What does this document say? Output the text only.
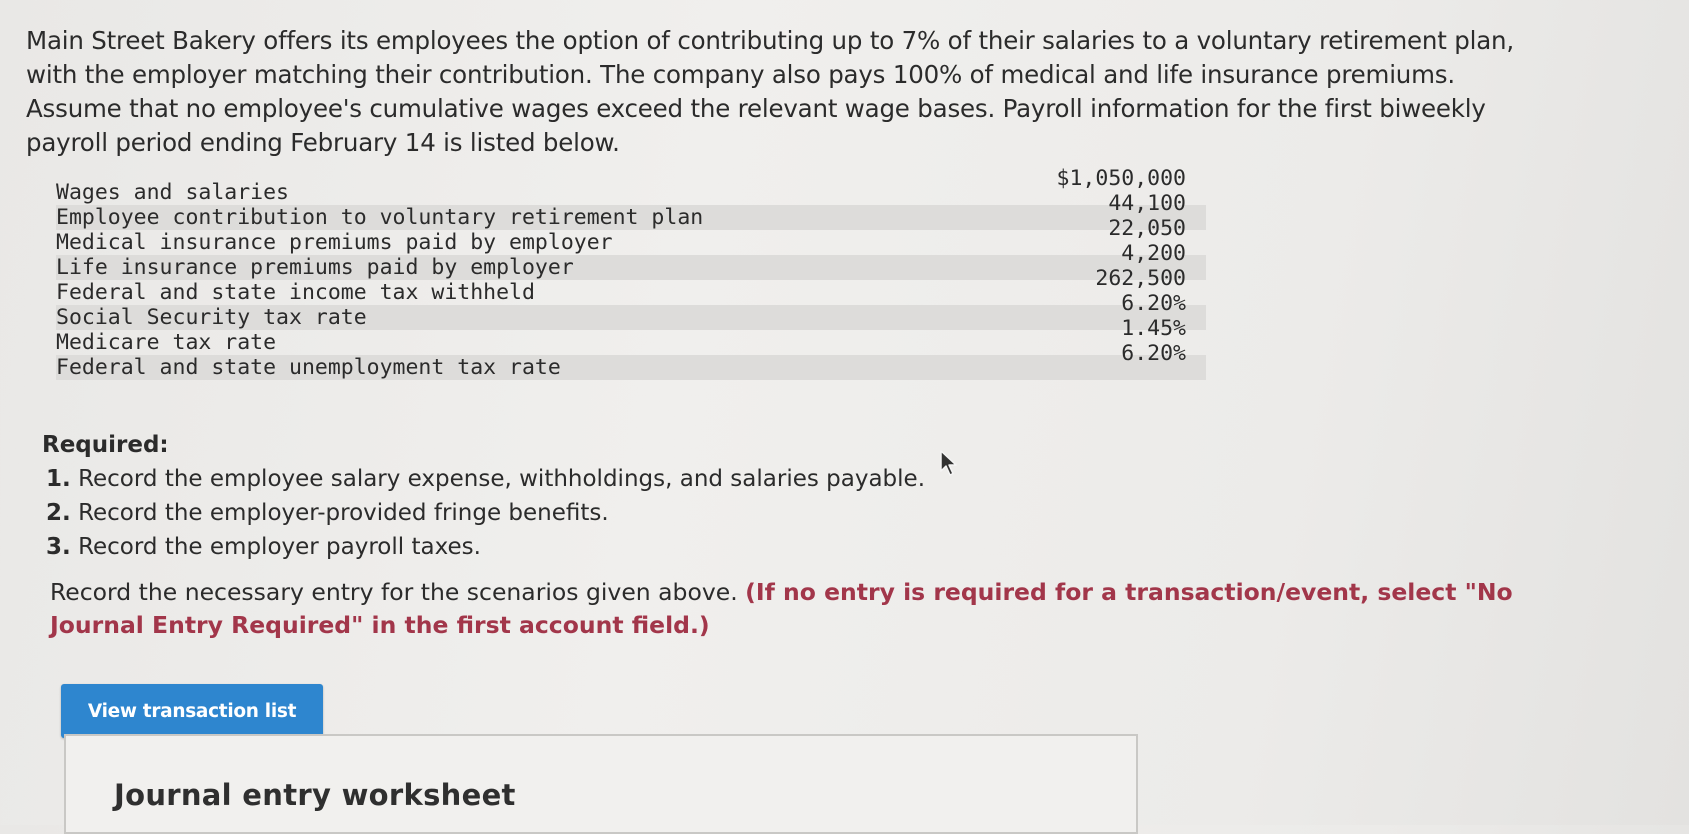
Main Street Bakery offers its employees the option of contributing up to 7% of their salaries to a voluntary retirement plan, with the employer matching their contribution. The company also pays 100% of medical and life insurance premiums. Assume that no employee's cumulative wages exceed the relevant wage bases. Payroll information for the first biweekly payroll period ending February 14 is listed below.

Wages and salaries
$1,050,000
Employee contribution to voluntary retirement plan
44,100
Medical insurance premiums paid by employer
22,050
Life insurance premiums paid by employer
4,200
Federal and state income tax withheld
262,500
Social Security tax rate
6.20%
Medicare tax rate
1.45%
Federal and state unemployment tax rate
6.20%

Required:

1. Record the employee salary expense, withholdings, and salaries payable.
2. Record the employer-provided fringe benefits.
3. Record the employer payroll taxes.

Record the necessary entry for the scenarios given above. (If no entry is required for a transaction/event, select "No Journal Entry Required" in the first account field.)

View transaction list
Journal entry worksheet
